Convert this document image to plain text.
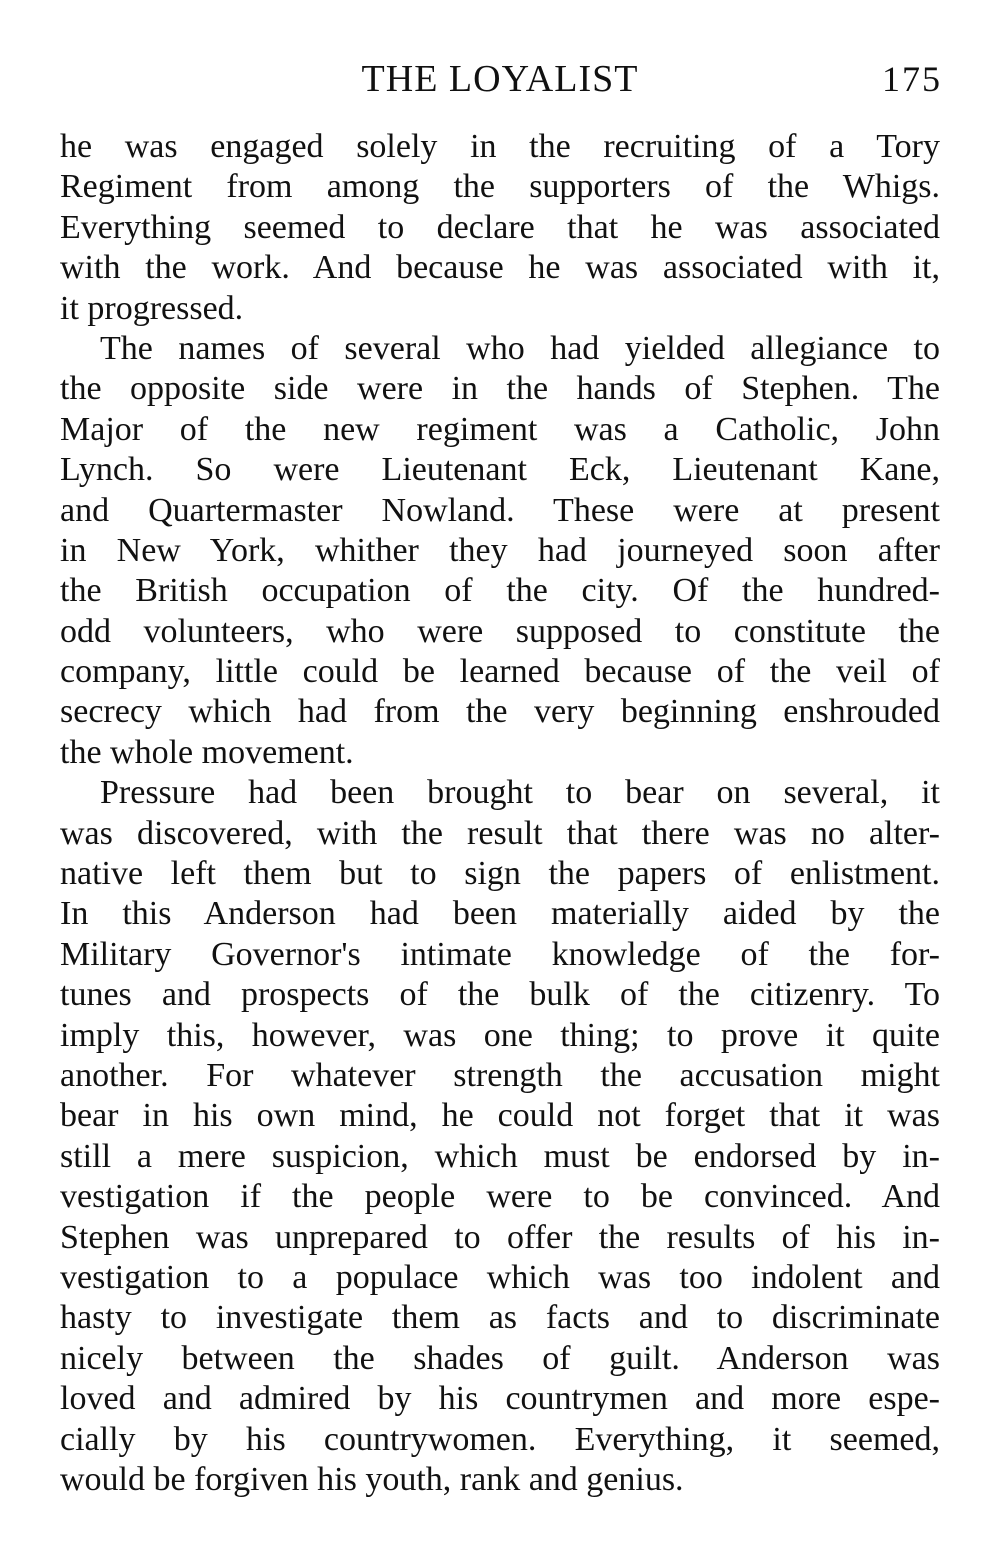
THE LOYALIST	175
he was engaged solely in the recruiting of a Tory
Regiment from among the supporters of the Whigs.
Everything seemed to declare that he was associated
with the work. And because he was associated with it,
it progressed.
The names of several who had yielded allegiance to
the opposite side were in the hands of Stephen. The
Major of the new regiment was a Catholic, John
Lynch. So were Lieutenant Eck, Lieutenant Kane,
and Quartermaster Nowland. These were at present
in New York, whither they had journeyed soon after
the British occupation of the city. Of the hundred-
odd volunteers, who were supposed to constitute the
company, little could be learned because of the veil of
secrecy which had from the very beginning enshrouded
the whole movement.
Pressure had been brought to bear on several, it
was discovered, with the result that there was no alter-
native left them but to sign the papers of enlistment.
In this Anderson had been materially aided by the
Military Governor's intimate knowledge of the for-
tunes and prospects of the bulk of the citizenry. To
imply this, however, was one thing; to prove it quite
another. For whatever strength the accusation might
bear in his own mind, he could not forget that it was
still a mere suspicion, which must be endorsed by in-
vestigation if the people were to be convinced. And
Stephen was unprepared to offer the results of his in-
vestigation to a populace which was too indolent and
hasty to investigate them as facts and to discriminate
nicely between the shades of guilt. Anderson was
loved and admired by his countrymen and more espe-
cially by his countrywomen. Everything, it seemed,
would be forgiven his youth, rank and genius.
